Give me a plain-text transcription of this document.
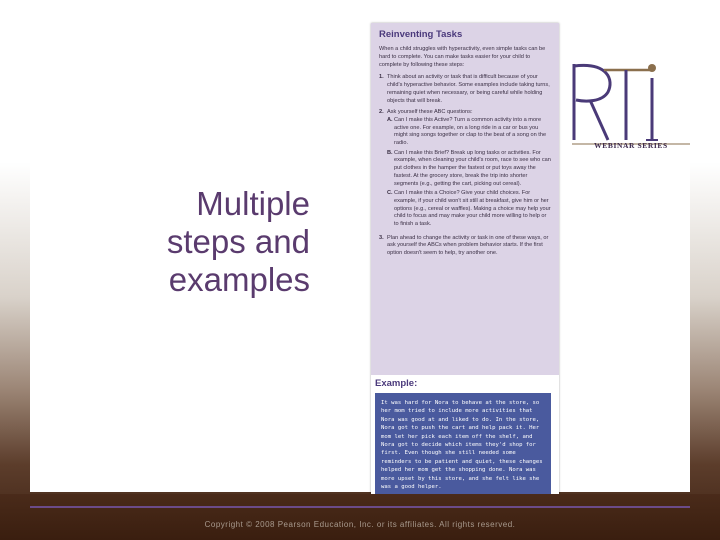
Multiple
steps and
examples
Reinventing Tasks
When a child struggles with hyperactivity, even simple tasks can be hard to complete. You can make tasks easier for your child to complete by following these steps:
1. Think about an activity or task that is difficult because of your child's hyperactive behavior. Some examples include taking turns, remaining quiet when necessary, or being careful while holding objects that will break.
2. Ask yourself these ABC questions:
A. Can I make this Active? Turn a common activity into a more active one. For example, on a long ride in a car or bus you might sing songs together or clap to the beat of a song on the radio.
B. Can I make this Brief? Break up long tasks or activities. For example, when cleaning your child's room, race to see who can put clothes in the hamper the fastest or put toys away the fastest. At the grocery store, break the trip into shorter segments (e.g., getting the cart, picking out cereal).
C. Can I make this a Choice? Give your child choices. For example, if your child won't sit still at breakfast, give him or her options (e.g., cereal or waffles). Making a choice may help your child to focus and may make your child more willing to help or to finish a task.
3. Plan ahead to change the activity or task in one of these ways, or ask yourself the ABCs when problem behavior starts. If the first option doesn't seem to help, try another one.
Example:
It was hard for Nora to behave at the store, so her mom tried to include more activities that Nora was good at and liked to do. In the store, Nora got to push the cart and help pack it. Her mom let her pick each item off the shelf, and Nora got to decide which items they'd shop for first. Even though she still needed some reminders to be patient and quiet, these changes helped her mom get the shopping done. Nora was more upset by this store, and she felt like she was a good helper.
WEBINAR SERIES
Copyright © 2008 Pearson Education, Inc. or its affiliates. All rights reserved.
